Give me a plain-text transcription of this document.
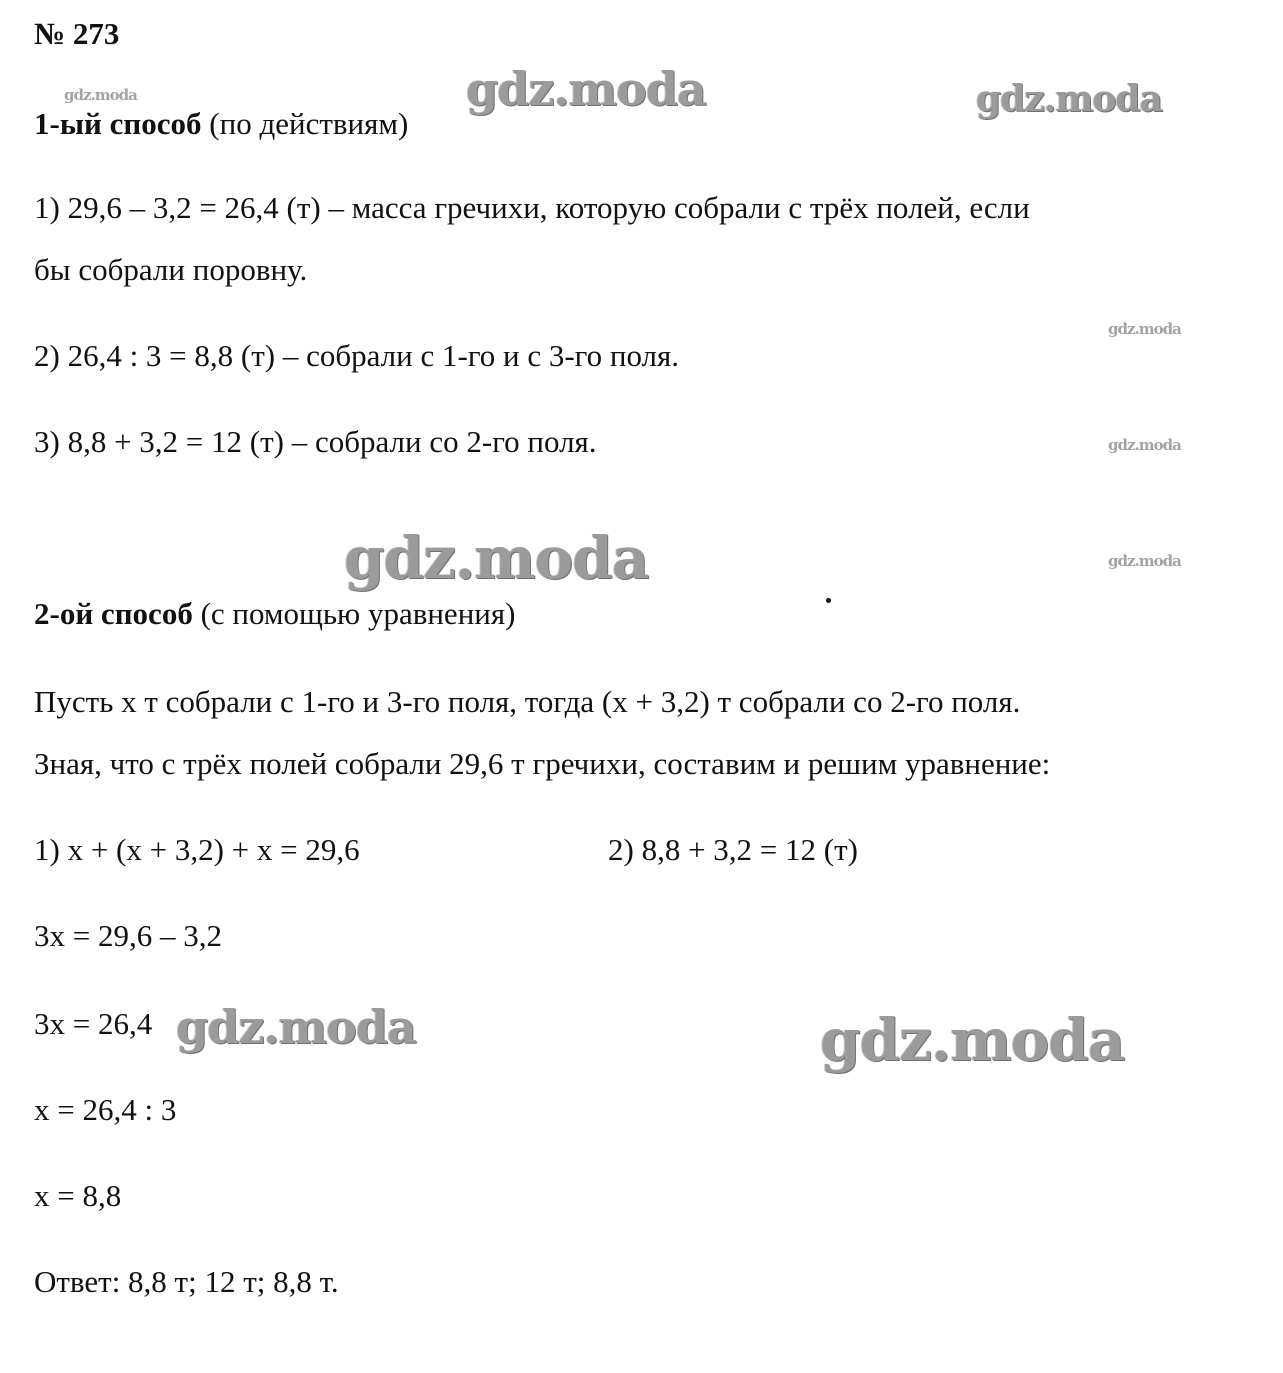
№ 273
gdz.moda	gdz.moda	gdz.moda
gdz.moda
gdz.moda
gdz.moda
gdz.moda
gdz.moda	gdz.moda
1-ый способ (по действиям)
1) 29,6 – 3,2 = 26,4 (т) – масса гречихи, которую собрали с трёх полей, если
бы собрали поровну.
2) 26,4 : 3 = 8,8 (т) – собрали с 1-го и с 3-го поля.
3) 8,8 + 3,2 = 12 (т) – собрали со 2-го поля.
2-ой способ (с помощью уравнения)
Пусть x т собрали с 1-го и 3-го поля, тогда (x + 3,2) т собрали со 2-го поля.
Зная, что с трёх полей собрали 29,6 т гречихи, составим и решим уравнение:
1) x + (x + 3,2) + x = 29,6	2) 8,8 + 3,2 = 12 (т)
3x = 29,6 – 3,2
3x = 26,4
x = 26,4 : 3
x = 8,8
Ответ: 8,8 т; 12 т; 8,8 т.
